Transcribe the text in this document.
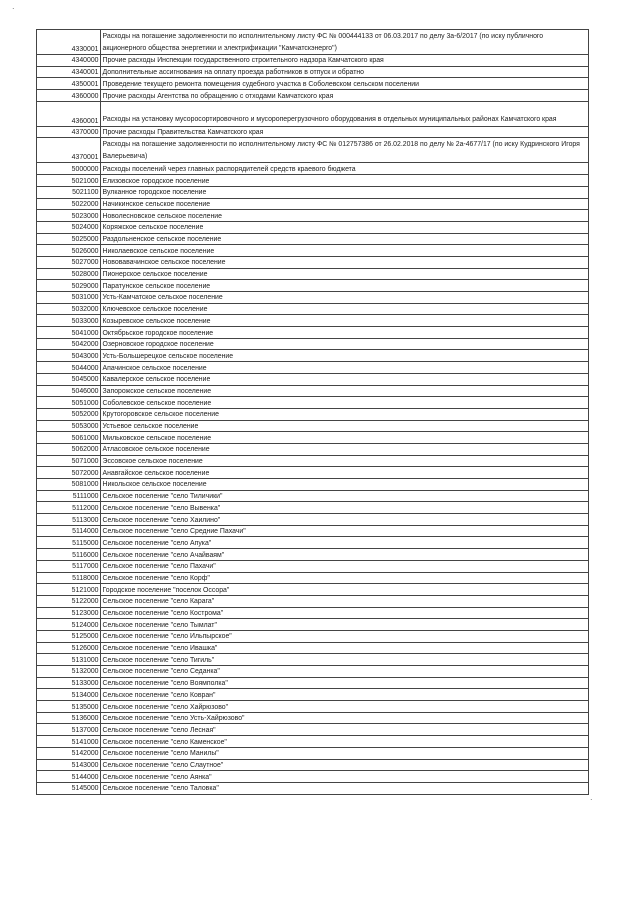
.
4330001	Расходы на погашение задолженности по исполнительному листу ФС № 000444133 от 06.03.2017 по делу 3а-6/2017 (по иску публичного акционерного общества энергетики и электрификации "Камчатскэнерго")
4340000	Прочие расходы Инспекции государственного строительного надзора Камчатского края
4340001	Дополнительные ассигнования на оплату проезда работников в отпуск и обратно
4350001	Проведение текущего ремонта помещения судебного участка в Соболевском сельском поселении
4360000	Прочие расходы Агентства по обращению с отходами Камчатского края
4360001	Расходы на установку мусоросортировочного и мусороперегрузочного оборудования в отдельных муниципальных районах Камчатского края
4370000	Прочие расходы Правительства Камчатского края
4370001	Расходы на погашение задолженности по исполнительному листу ФС № 012757386 от 26.02.2018 по делу № 2а-4677/17 (по иску Кудринского Игоря Валерьевича)
5000000	Расходы поселений через главных распорядителей средств краевого бюджета
5021000	Елизовское городское поселение
5021100	Вулканное городское поселение
5022000	Начикинское сельское поселение
5023000	Новолесновское сельское поселение
5024000	Коряжское сельское поселение
5025000	Раздольненское сельское поселение
5026000	Николаевское сельское поселение
5027000	Нововавачинское сельское поселение
5028000	Пионерское сельское поселение
5029000	Паратунское сельское поселение
5031000	Усть-Камчатское сельское поселение
5032000	Ключевское сельское поселение
5033000	Козыревское сельское поселение
5041000	Октябрьское городское поселение
5042000	Озерновское городское поселение
5043000	Усть-Большерецкое сельское поселение
5044000	Апачинское сельское поселение
5045000	Кавалерское сельское поселение
5046000	Запорожское сельское поселение
5051000	Соболевское сельское поселение
5052000	Крутогоровское сельское поселение
5053000	Устьевое сельское поселение
5061000	Мильковское сельское поселение
5062000	Атласовское сельское поселение
5071000	Эссовское сельское поселение
5072000	Анавгайское сельское поселение
5081000	Никольское сельское поселение
5111000	Сельское поселение "село Тиличики"
5112000	Сельское поселение "село Вывенка"
5113000	Сельское поселение "село Хаилино"
5114000	Сельское поселение "село Средние Пахачи"
5115000	Сельское поселение "село Апука"
5116000	Сельское поселение "село Ачайваям"
5117000	Сельское поселение "село Пахачи"
5118000	Сельское поселение "село Корф"
5121000	Городское поселение "поселок Оссора"
5122000	Сельское поселение "село Карага"
5123000	Сельское поселение "село Кострома"
5124000	Сельское поселение "село Тымлат"
5125000	Сельское поселение "село Ильпырское"
5126000	Сельское поселение "село Ивашка"
5131000	Сельское поселение "село Тигиль"
5132000	Сельское поселение "село Седанка"
5133000	Сельское поселение "село Воямполка"
5134000	Сельское поселение "село Ковран"
5135000	Сельское поселение "село Хайрюзово"
5136000	Сельское поселение "село Усть-Хайрюзово"
5137000	Сельское поселение "село Лесная"
5141000	Сельское поселение "село Каменское"
5142000	Сельское поселение "село Манилы"
5143000	Сельское поселение "село Слаутное"
5144000	Сельское поселение "село Аянка"
5145000	Сельское поселение "село Таловка"
.
